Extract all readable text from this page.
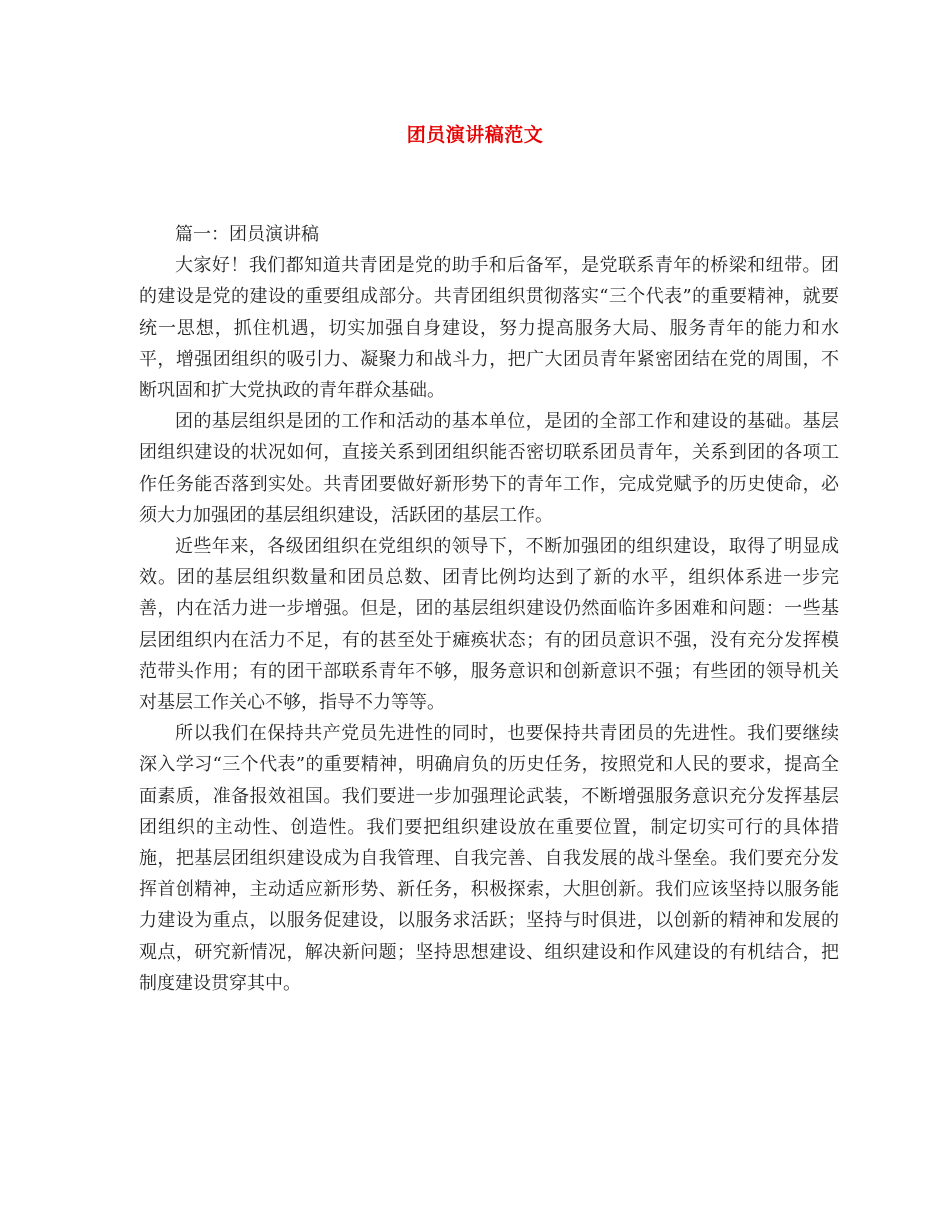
团员演讲稿范文

篇一：团员演讲稿

大家好！我们都知道共青团是党的助手和后备军，是党联系青年的桥梁和纽带。团的建设是党的建设的重要组成部分。共青团组织贯彻落实“三个代表”的重要精神，就要统一思想，抓住机遇，切实加强自身建设，努力提高服务大局、服务青年的能力和水平，增强团组织的吸引力、凝聚力和战斗力，把广大团员青年紧密团结在党的周围，不断巩固和扩大党执政的青年群众基础。

团的基层组织是团的工作和活动的基本单位，是团的全部工作和建设的基础。基层团组织建设的状况如何，直接关系到团组织能否密切联系团员青年，关系到团的各项工作任务能否落到实处。共青团要做好新形势下的青年工作，完成党赋予的历史使命，必须大力加强团的基层组织建设，活跃团的基层工作。

近些年来，各级团组织在党组织的领导下，不断加强团的组织建设，取得了明显成效。团的基层组织数量和团员总数、团青比例均达到了新的水平，组织体系进一步完善，内在活力进一步增强。但是，团的基层组织建设仍然面临许多困难和问题：一些基层团组织内在活力不足，有的甚至处于瘫痪状态；有的团员意识不强，没有充分发挥模范带头作用；有的团干部联系青年不够，服务意识和创新意识不强；有些团的领导机关对基层工作关心不够，指导不力等等。

所以我们在保持共产党员先进性的同时，也要保持共青团员的先进性。我们要继续深入学习“三个代表”的重要精神，明确肩负的历史任务，按照党和人民的要求，提高全面素质，准备报效祖国。我们要进一步加强理论武装，不断增强服务意识充分发挥基层团组织的主动性、创造性。我们要把组织建设放在重要位置，制定切实可行的具体措施，把基层团组织建设成为自我管理、自我完善、自我发展的战斗堡垒。我们要充分发挥首创精神，主动适应新形势、新任务，积极探索，大胆创新。我们应该坚持以服务能力建设为重点，以服务促建设，以服务求活跃；坚持与时俱进，以创新的精神和发展的观点，研究新情况，解决新问题；坚持思想建设、组织建设和作风建设的有机结合，把制度建设贯穿其中。
